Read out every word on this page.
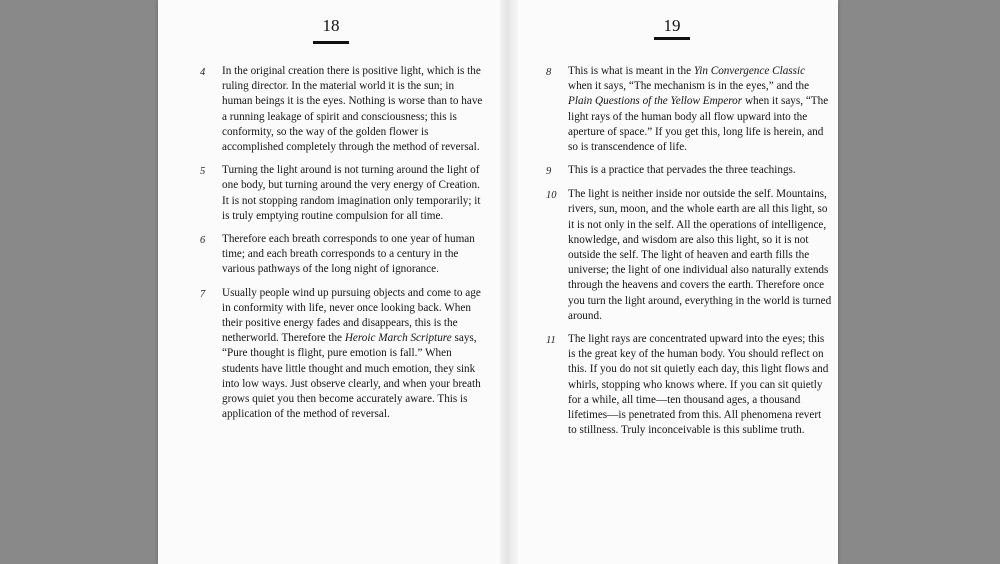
18
4	In the original creation there is positive light, which is the ruling director. In the material world it is the sun; in human beings it is the eyes. Nothing is worse than to have a running leakage of spirit and consciousness; this is conformity, so the way of the golden flower is accomplished completely through the method of reversal.

5	Turning the light around is not turning around the light of one body, but turning around the very energy of Creation. It is not stopping random imagination only temporarily; it is truly emptying routine compulsion for all time.

6	Therefore each breath corresponds to one year of human time; and each breath corresponds to a century in the various pathways of the long night of ignorance.

7	Usually people wind up pursuing objects and come to age in conformity with life, never once looking back. When their positive energy fades and disappears, this is the netherworld. Therefore the Heroic March Scripture says, “Pure thought is flight, pure emotion is fall.” When students have little thought and much emotion, they sink into low ways. Just observe clearly, and when your breath grows quiet you then become accurately aware. This is application of the method of reversal.

19
8	This is what is meant in the Yin Convergence Classic when it says, “The mechanism is in the eyes,” and the Plain Questions of the Yellow Emperor when it says, “The light rays of the human body all flow upward into the aperture of space.” If you get this, long life is herein, and so is transcendence of life.

9	This is a practice that pervades the three teachings.

10	The light is neither inside nor outside the self. Mountains, rivers, sun, moon, and the whole earth are all this light, so it is not only in the self. All the operations of intelligence, knowledge, and wisdom are also this light, so it is not outside the self. The light of heaven and earth fills the universe; the light of one individual also naturally extends through the heavens and covers the earth. Therefore once you turn the light around, everything in the world is turned around.

11	The light rays are concentrated upward into the eyes; this is the great key of the human body. You should reflect on this. If you do not sit quietly each day, this light flows and whirls, stopping who knows where. If you can sit quietly for a while, all time—ten thousand ages, a thousand lifetimes—is penetrated from this. All phenomena revert to stillness. Truly inconceivable is this sublime truth.
